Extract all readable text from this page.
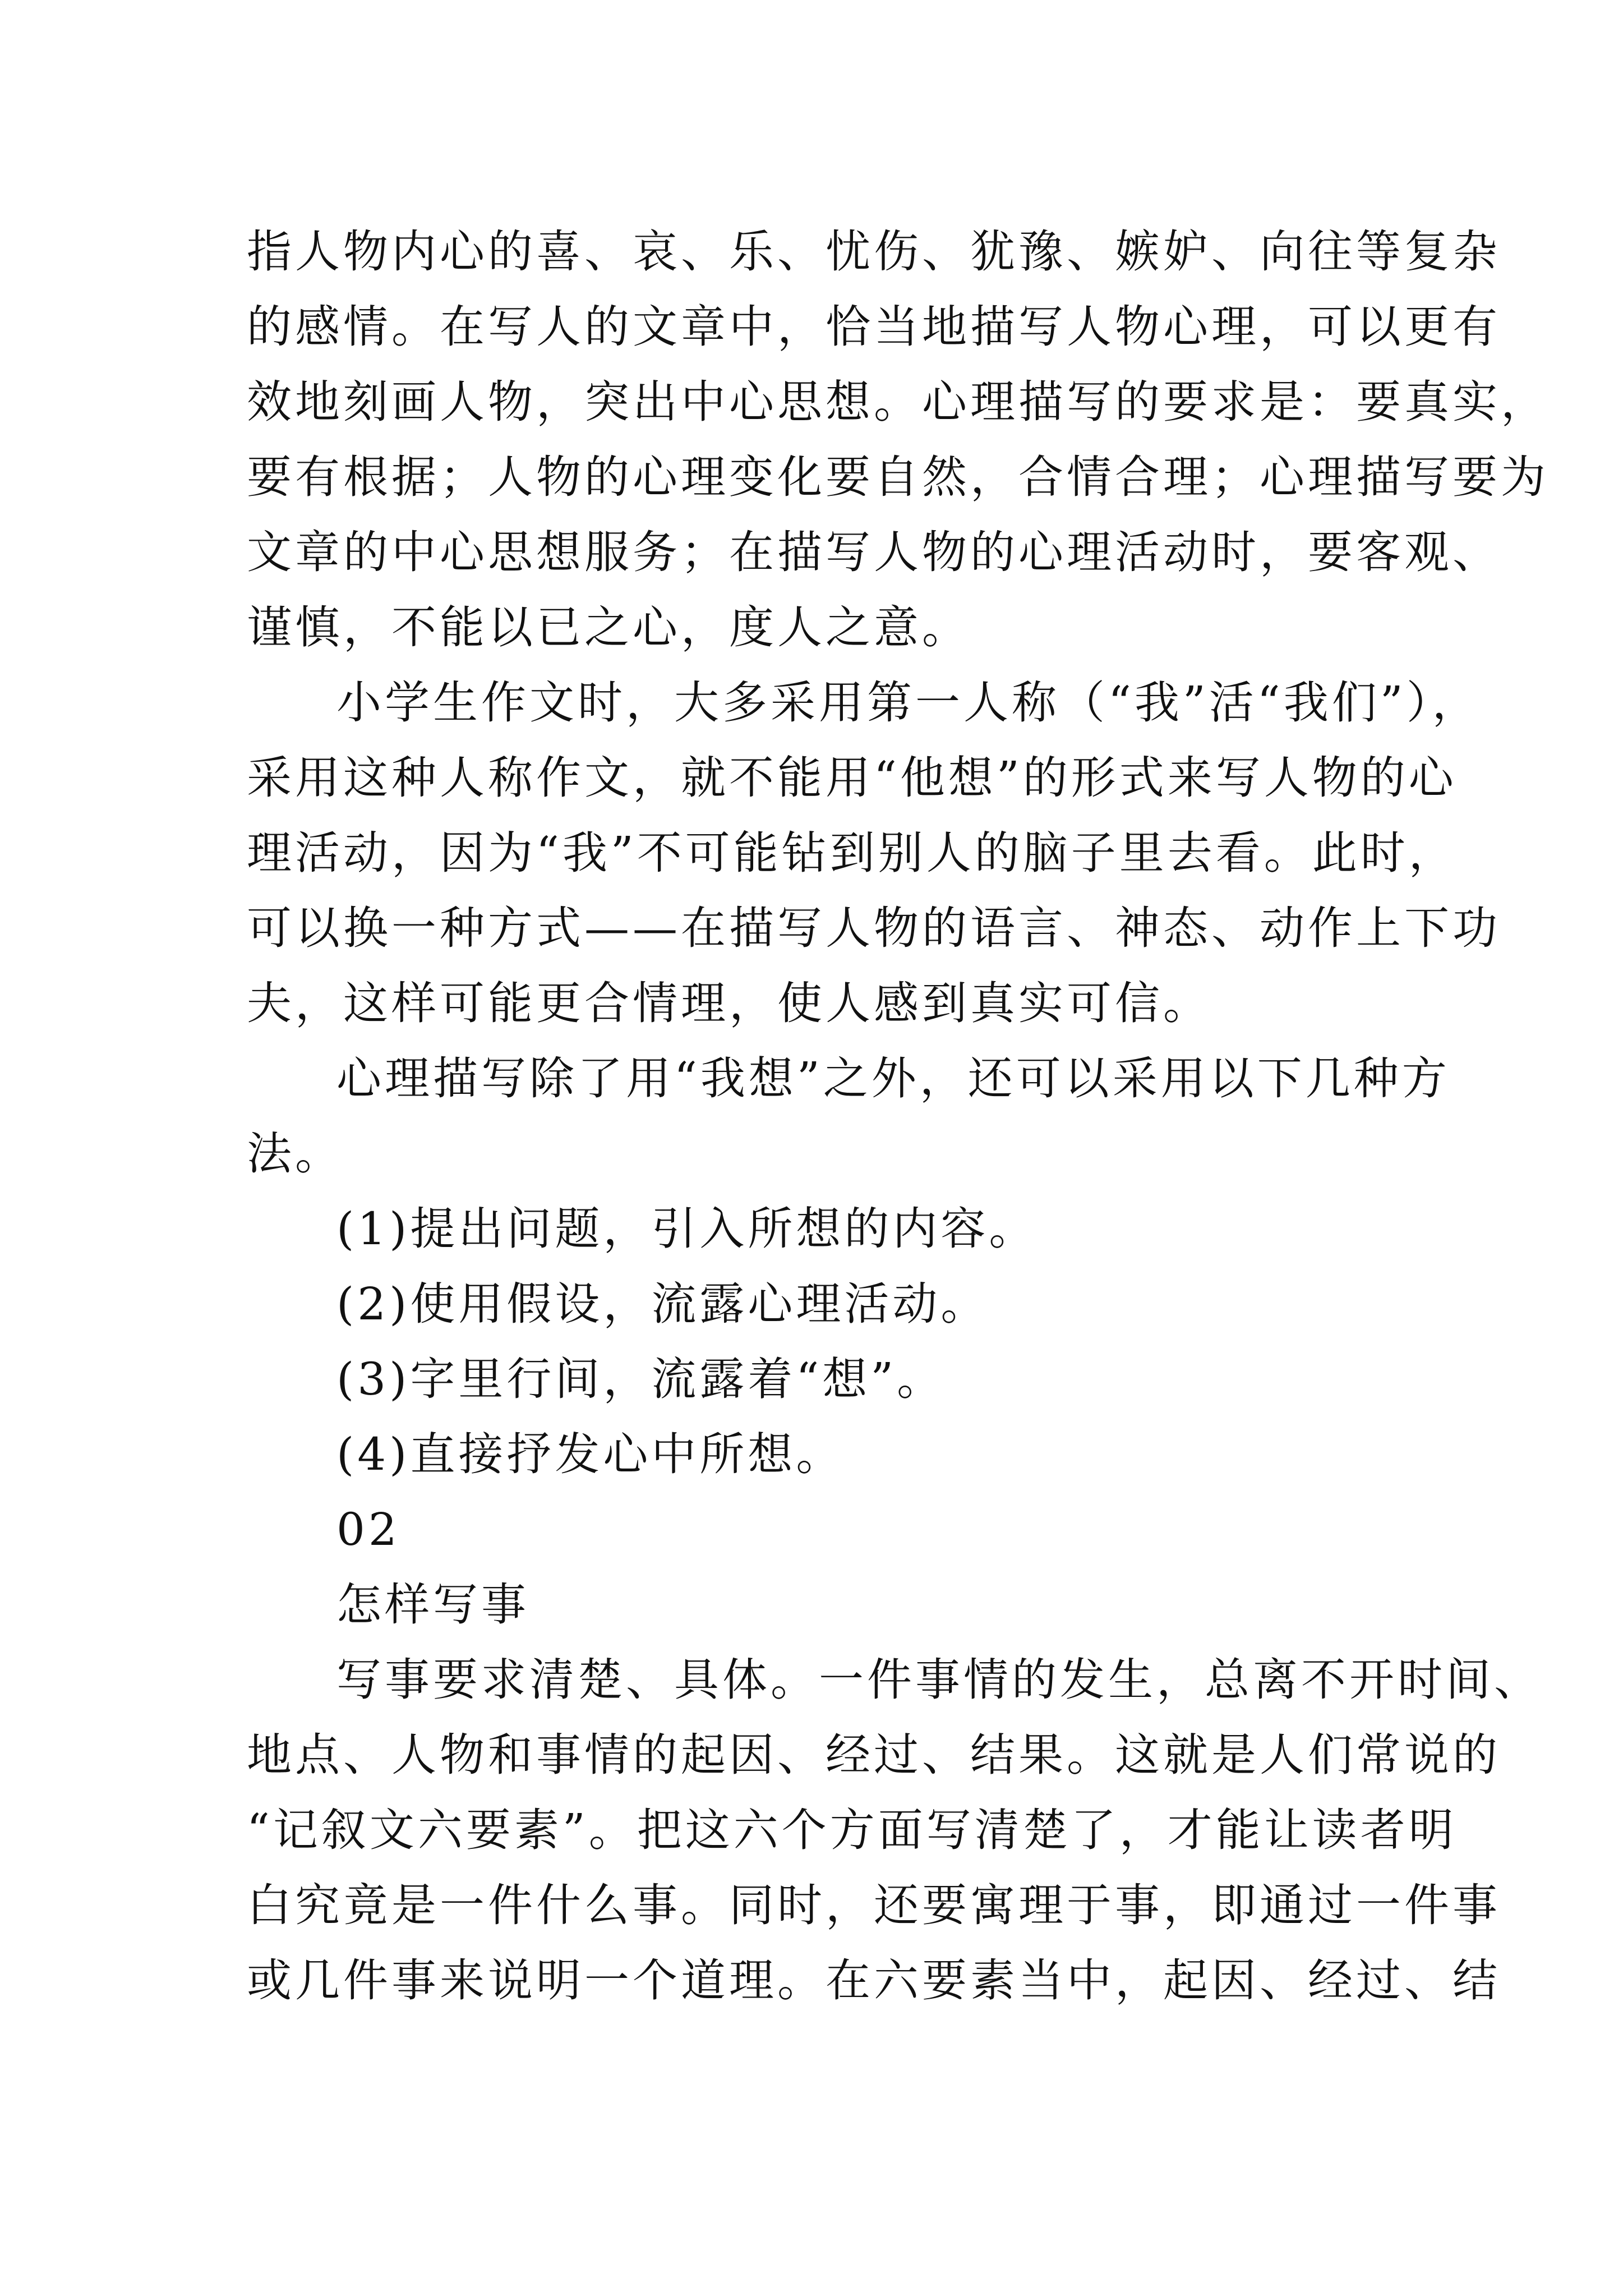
指人物内心的喜、哀、乐、忧伤、犹豫、嫉妒、向往等复杂
的感情。在写人的文章中，恰当地描写人物心理，可以更有
效地刻画人物，突出中心思想。心理描写的要求是：要真实，
要有根据；人物的心理变化要自然，合情合理；心理描写要为
文章的中心思想服务；在描写人物的心理活动时，要客观、
谨慎，不能以已之心，度人之意。

小学生作文时，大多采用第一人称（“我”活“我们”），
采用这种人称作文，就不能用“他想”的形式来写人物的心
理活动，因为“我”不可能钻到别人的脑子里去看。此时，
可以换一种方式——在描写人物的语言、神态、动作上下功
夫，这样可能更合情理，使人感到真实可信。

心理描写除了用“我想”之外，还可以采用以下几种方
法。

(1)提出问题，引入所想的内容。

(2)使用假设，流露心理活动。

(3)字里行间，流露着“想”。

(4)直接抒发心中所想。

02

怎样写事

写事要求清楚、具体。一件事情的发生，总离不开时间、
地点、人物和事情的起因、经过、结果。这就是人们常说的
“记叙文六要素”。把这六个方面写清楚了，才能让读者明
白究竟是一件什么事。同时，还要寓理于事，即通过一件事
或几件事来说明一个道理。在六要素当中，起因、经过、结
